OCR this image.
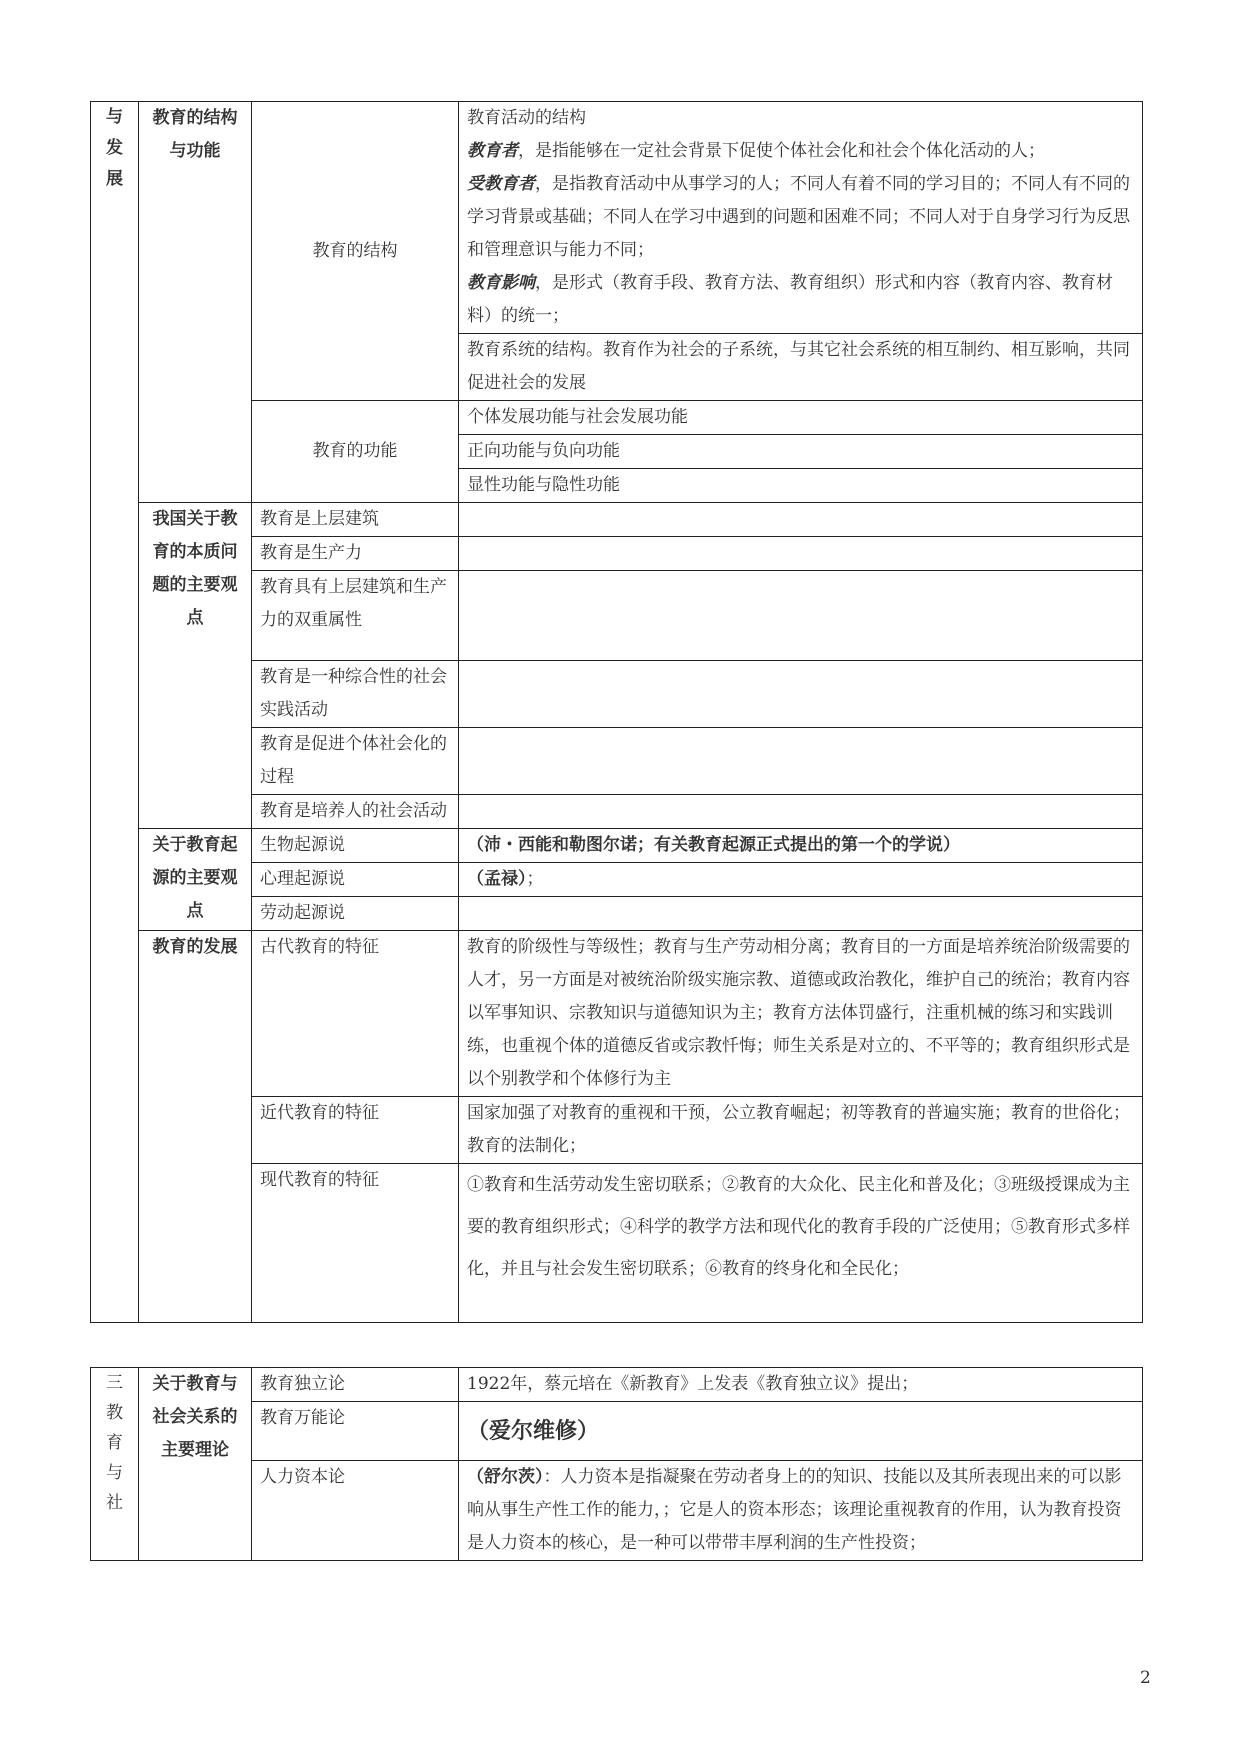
与发展	教育的结构与功能	教育的结构	教育活动的结构
教育者，是指能够在一定社会背景下促使个体社会化和社会个体化活动的人；
受教育者，是指教育活动中从事学习的人；不同人有着不同的学习目的；不同人有不同的学习背景或基础；不同人在学习中遇到的问题和困难不同；不同人对于自身学习行为反思和管理意识与能力不同；
教育影响，是形式（教育手段、教育方法、教育组织）形式和内容（教育内容、教育材料）的统一；

			教育系统的结构。教育作为社会的子系统，与其它社会系统的相互制约、相互影响，共同促进社会的发展
		教育的功能	个体发展功能与社会发展功能
			正向功能与负向功能
			显性功能与隐性功能
	我国关于教育的本质问题的主要观点	教育是上层建筑	
		教育是生产力	
		教育具有上层建筑和生产力的双重属性	
		教育是一种综合性的社会实践活动	
		教育是促进个体社会化的过程	
		教育是培养人的社会活动	
	关于教育起源的主要观点	生物起源说	（沛・西能和勒图尔诺；有关教育起源正式提出的第一个的学说）
		心理起源说	（孟禄）；
		劳动起源说	
	教育的发展	古代教育的特征	教育的阶级性与等级性；教育与生产劳动相分离；教育目的一方面是培养统治阶级需要的人才，另一方面是对被统治阶级实施宗教、道德或政治教化，维护自己的统治；教育内容以军事知识、宗教知识与道德知识为主；教育方法体罚盛行，注重机械的练习和实践训练，也重视个体的道德反省或宗教忏悔；师生关系是对立的、不平等的；教育组织形式是以个别教学和个体修行为主
		近代教育的特征	国家加强了对教育的重视和干预，公立教育崛起；初等教育的普遍实施；教育的世俗化；教育的法制化；
		现代教育的特征	①教育和生活劳动发生密切联系；②教育的大众化、民主化和普及化；③班级授课成为主要的教育组织形式；④科学的教学方法和现代化的教育手段的广泛使用；⑤教育形式多样化，并且与社会发生密切联系；⑥教育的终身化和全民化；
三 教育与社	关于教育与社会关系的主要理论	教育独立论	1922年，蔡元培在《新教育》上发表《教育独立议》提出；
		教育万能论	（爱尔维修）
		人力资本论	（舒尔茨）：人力资本是指凝聚在劳动者身上的的知识、技能以及其所表现出来的可以影响从事生产性工作的能力，；它是人的资本形态；该理论重视教育的作用，认为教育投资是人力资本的核心，是一种可以带带丰厚利润的生产性投资；
2
